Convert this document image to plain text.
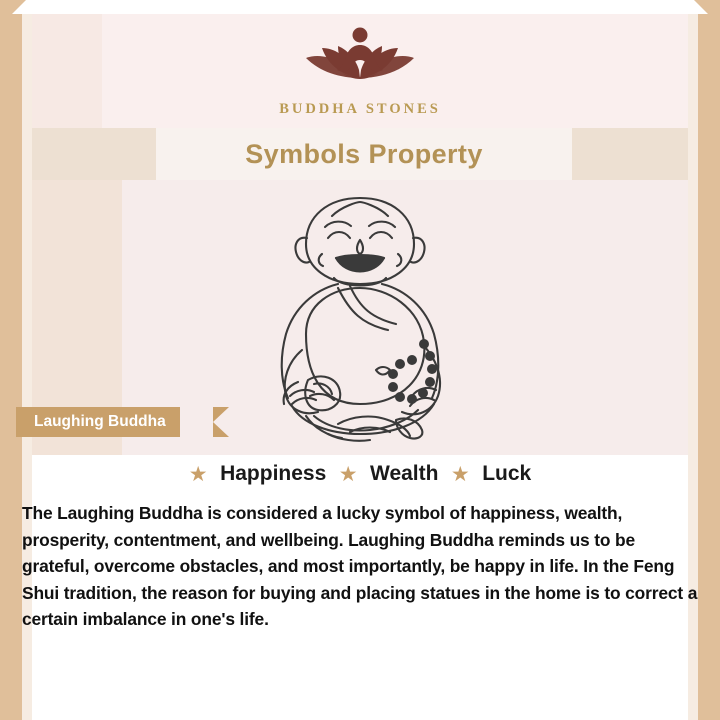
BUDDHA STONES
Symbols Property
Laughing Buddha
★ Happiness ★ Wealth ★ Luck
The Laughing Buddha is considered a lucky symbol of happiness, wealth, prosperity, contentment, and wellbeing. Laughing Buddha reminds us to be grateful, overcome obstacles, and most importantly, be happy in life. In the Feng Shui tradition, the reason for buying and placing statues in the home is to correct a certain imbalance in one's life.
